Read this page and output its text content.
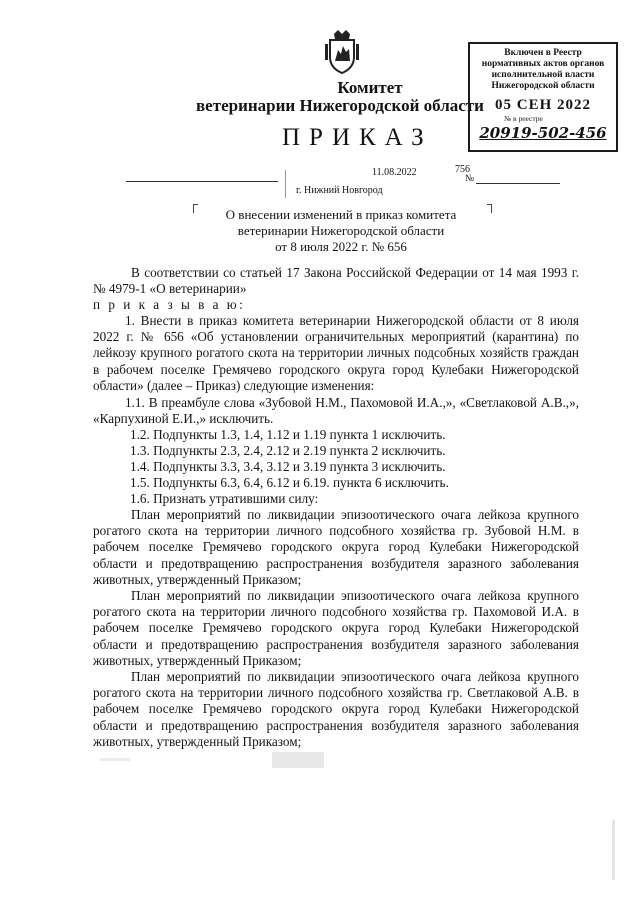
Комитет
ветеринарии Нижегородской области
Включен в Реестр
нормативных актов органов
исполнительной власти
Нижегородской области
05 СЕН 2022
№ в реестре
20919-502-456
ПРИКАЗ
11.08.2022	756
№
г. Нижний Новгород
О внесении изменений в приказ комитета
ветеринарии Нижегородской области
от 8 июля 2022 г. № 656
В соответствии со статьей 17 Закона Российской Федерации от 14 мая 1993 г. № 4979-1 «О ветеринарии»
п р и к а з ы в а ю:
1. Внести в приказ комитета ветеринарии Нижегородской области от 8 июля 2022 г. № 656 «Об установлении ограничительных мероприятий (карантина) по лейкозу крупного рогатого скота на территории личных подсобных хозяйств граждан в рабочем поселке Гремячево городского округа город Кулебаки Нижегородской области» (далее – Приказ) следующие изменения:
1.1. В преамбуле слова «Зубовой Н.М., Пахомовой И.А.,», «Светлаковой А.В.,», «Карпухиной Е.И.,» исключить.
1.2. Подпункты 1.3, 1.4, 1.12 и 1.19 пункта 1 исключить.
1.3. Подпункты 2.3, 2.4, 2.12 и 2.19 пункта 2 исключить.
1.4. Подпункты 3.3, 3.4, 3.12 и 3.19 пункта 3 исключить.
1.5. Подпункты 6.3, 6.4, 6.12 и 6.19. пункта 6 исключить.
1.6. Признать утратившими силу:
План мероприятий по ликвидации эпизоотического очага лейкоза крупного рогатого скота на территории личного подсобного хозяйства гр. Зубовой Н.М. в рабочем поселке Гремячево городского округа город Кулебаки Нижегородской области и предотвращению распространения возбудителя заразного заболевания животных, утвержденный Приказом;
План мероприятий по ликвидации эпизоотического очага лейкоза крупного рогатого скота на территории личного подсобного хозяйства гр. Пахомовой И.А. в рабочем поселке Гремячево городского округа город Кулебаки Нижегородской области и предотвращению распространения возбудителя заразного заболевания животных, утвержденный Приказом;
План мероприятий по ликвидации эпизоотического очага лейкоза крупного рогатого скота на территории личного подсобного хозяйства гр. Светлаковой А.В. в рабочем поселке Гремячево городского округа город Кулебаки Нижегородской области и предотвращению распространения возбудителя заразного заболевания животных, утвержденный Приказом;
